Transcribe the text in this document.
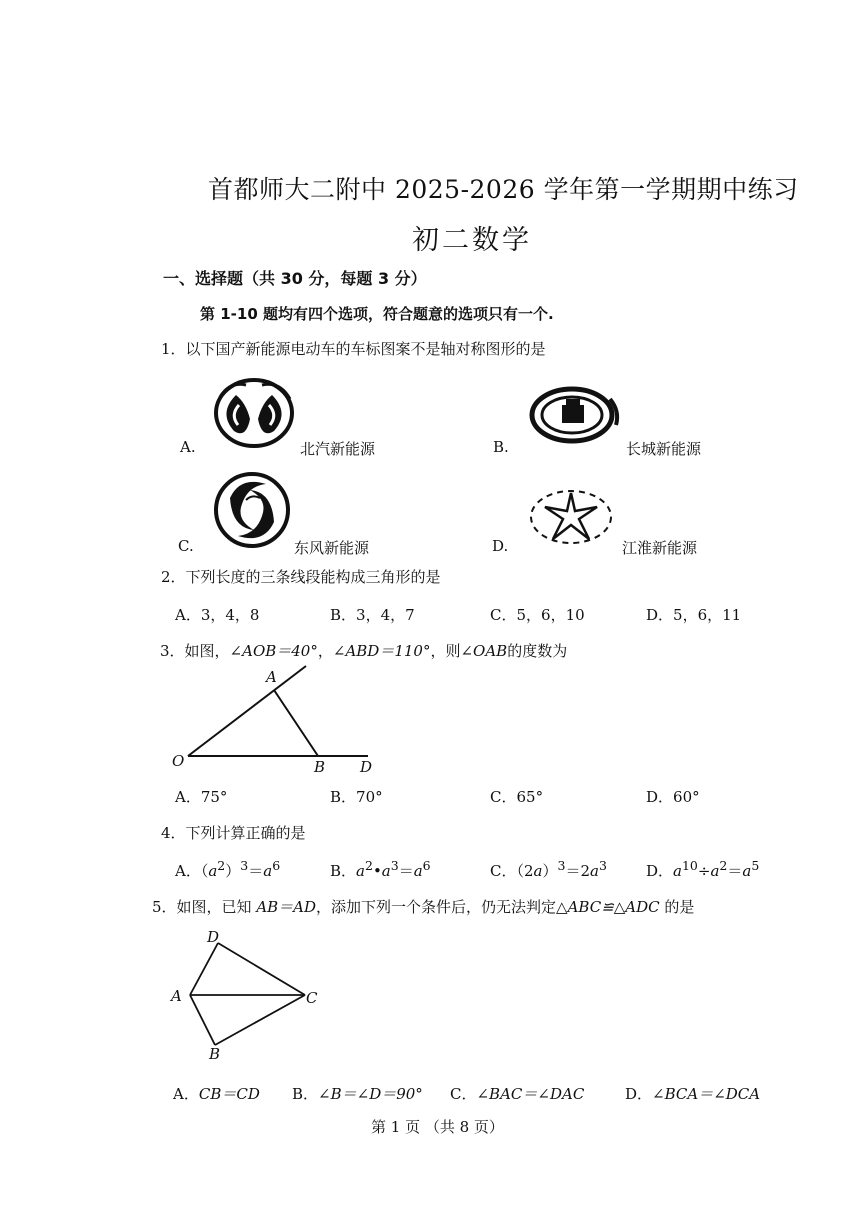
首都师大二附中 2025-2026 学年第一学期期中练习
初二数学
一、选择题（共 30 分，每题 3 分）
第 1-10 题均有四个选项，符合题意的选项只有一个.
1．以下国产新能源电动车的车标图案不是轴对称图形的是
A.	北汽新能源	B.	长城新能源
C.	东风新能源	D.	江淮新能源
2．下列长度的三条线段能构成三角形的是
A．3，4，8	B．3，4，7	C．5，6，10	D．5，6，11
3．如图，∠AOB＝40°，∠ABD＝110°，则∠OAB的度数为
A
O	B D
A．75°	B．70°	C．65°	D．60°
4．下列计算正确的是
A．$(a^2)^3=a^6$	B．$a^2•a^3=a^6$	C．$(2a)^3=2a^3$	D．$a^{10}\div a^2=a^5$
5．如图，已知 AB＝AD，添加下列一个条件后，仍无法判定△ABC≌△ADC 的是
D
A	C
B
A．CB＝CD B．∠B＝∠D＝90° C．∠BAC＝∠DAC	D．∠BCA＝∠DCA
第 1 页 （共 8 页）
